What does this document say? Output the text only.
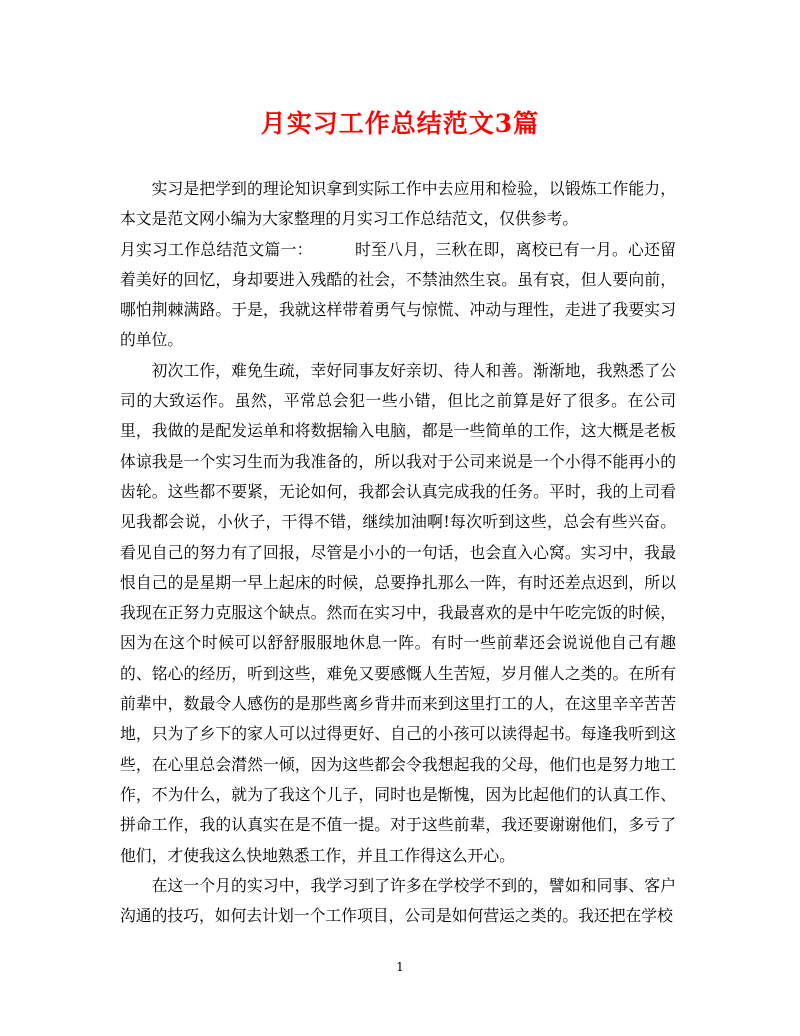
月实习工作总结范文3篇

实习是把学到的理论知识拿到实际工作中去应用和检验，以锻炼工作能力，本文是范文网小编为大家整理的月实习工作总结范文，仅供参考。

月实习工作总结范文篇一：	时至八月，三秋在即，离校已有一月。心还留着美好的回忆，身却要进入残酷的社会，不禁油然生哀。虽有哀，但人要向前，哪怕荆棘满路。于是，我就这样带着勇气与惊慌、冲动与理性，走进了我要实习的单位。

初次工作，难免生疏，幸好同事友好亲切、待人和善。渐渐地，我熟悉了公司的大致运作。虽然，平常总会犯一些小错，但比之前算是好了很多。在公司里，我做的是配发运单和将数据输入电脑，都是一些简单的工作，这大概是老板体谅我是一个实习生而为我准备的，所以我对于公司来说是一个小得不能再小的齿轮。这些都不要紧，无论如何，我都会认真完成我的任务。平时，我的上司看见我都会说，小伙子，干得不错，继续加油啊!每次听到这些，总会有些兴奋。看见自己的努力有了回报，尽管是小小的一句话，也会直入心窝。实习中，我最恨自己的是星期一早上起床的时候，总要挣扎那么一阵，有时还差点迟到，所以我现在正努力克服这个缺点。然而在实习中，我最喜欢的是中午吃完饭的时候，因为在这个时候可以舒舒服服地休息一阵。有时一些前辈还会说说他自己有趣的、铭心的经历，听到这些，难免又要感慨人生苦短，岁月催人之类的。在所有前辈中，数最令人感伤的是那些离乡背井而来到这里打工的人，在这里辛辛苦苦地，只为了乡下的家人可以过得更好、自己的小孩可以读得起书。每逢我听到这些，在心里总会潸然一倾，因为这些都会令我想起我的父母，他们也是努力地工作，不为什么，就为了我这个儿子，同时也是惭愧，因为比起他们的认真工作、拼命工作，我的认真实在是不值一提。对于这些前辈，我还要谢谢他们，多亏了他们，才使我这么快地熟悉工作，并且工作得这么开心。

在这一个月的实习中，我学习到了许多在学校学不到的，譬如和同事、客户沟通的技巧，如何去计划一个工作项目，公司是如何营运之类的。我还把在学校

1
